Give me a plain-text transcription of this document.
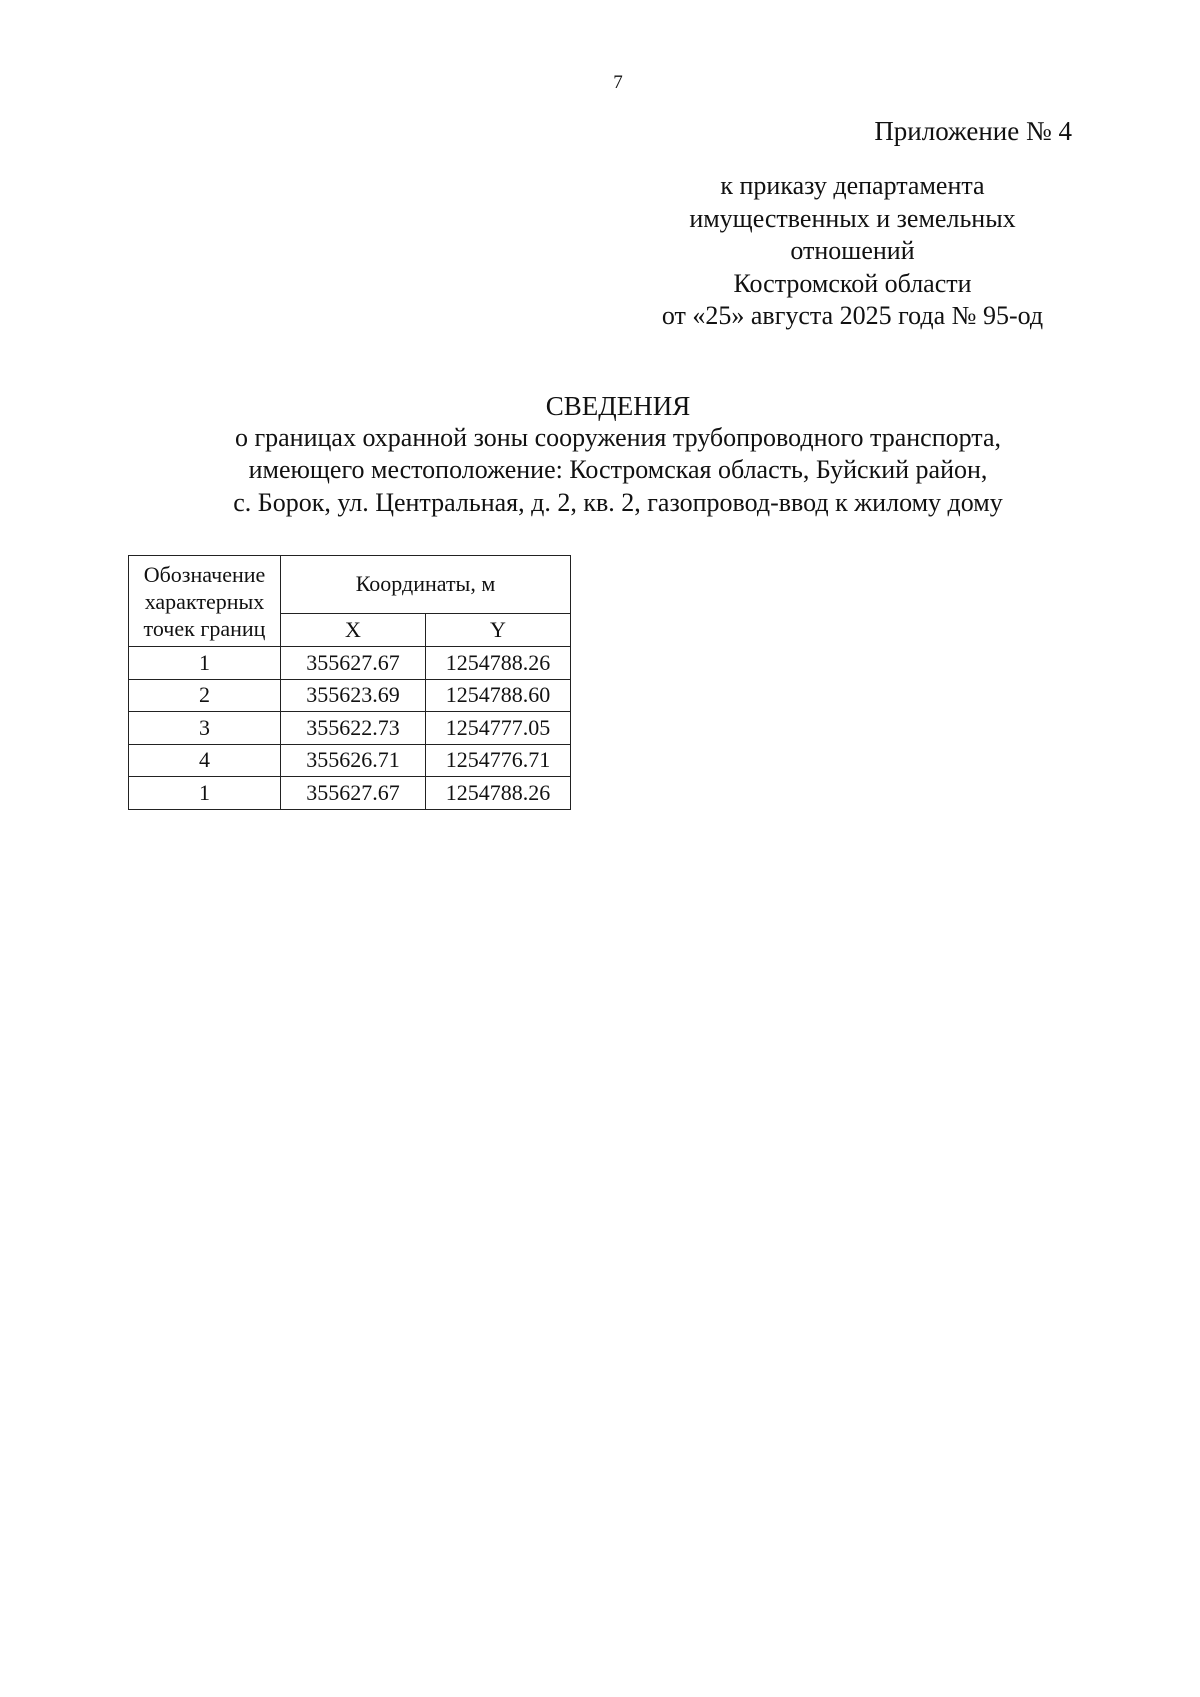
7
Приложение № 4
к приказу департамента
имущественных и земельных
отношений
Костромской области
от «25» августа 2025 года № 95-од
СВЕДЕНИЯ
о границах охранной зоны сооружения трубопроводного транспорта,
имеющего местоположение: Костромская область, Буйский район,
с. Борок, ул. Центральная, д. 2, кв. 2, газопровод-ввод к жилому дому
Обозначение
характерных
точек границ	Координаты, м	
	X	Y
1	355627.67	1254788.26
2	355623.69	1254788.60
3	355622.73	1254777.05
4	355626.71	1254776.71
1	355627.67	1254788.26
